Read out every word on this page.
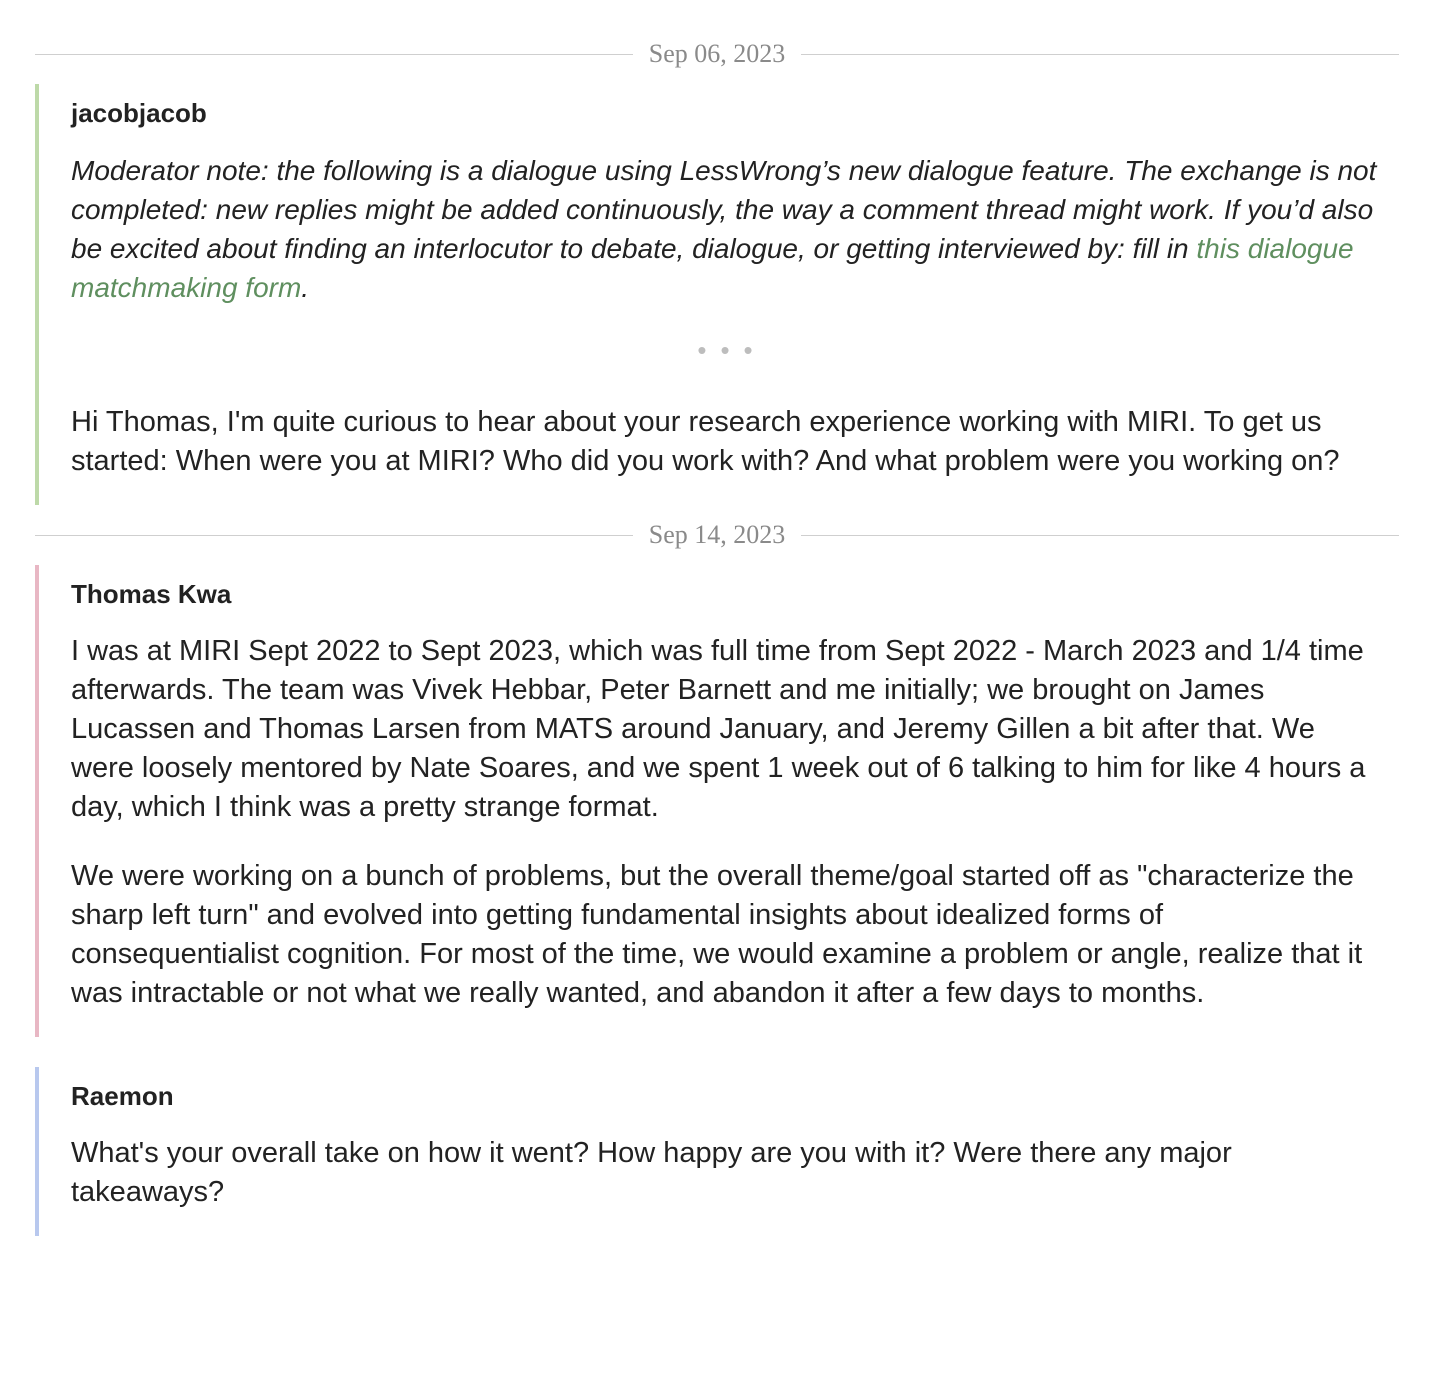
Sep 06, 2023
jacobjacob

Moderator note: the following is a dialogue using LessWrong’s new dialogue feature. The exchange is not completed: new replies might be added continuously, the way a comment thread might work. If you’d also be excited about finding an interlocutor to debate, dialogue, or getting interviewed by: fill in this dialogue matchmaking form.

•••

Hi Thomas, I'm quite curious to hear about your research experience working with MIRI. To get us started: When were you at MIRI? Who did you work with? And what problem were you working on?

Sep 14, 2023
Thomas Kwa

I was at MIRI Sept 2022 to Sept 2023, which was full time from Sept 2022 - March 2023 and 1/4 time afterwards. The team was Vivek Hebbar, Peter Barnett and me initially; we brought on James Lucassen and Thomas Larsen from MATS around January, and Jeremy Gillen a bit after that. We were loosely mentored by Nate Soares, and we spent 1 week out of 6 talking to him for like 4 hours a day, which I think was a pretty strange format.

We were working on a bunch of problems, but the overall theme/goal started off as "characterize the sharp left turn" and evolved into getting fundamental insights about idealized forms of consequentialist cognition. For most of the time, we would examine a problem or angle, realize that it was intractable or not what we really wanted, and abandon it after a few days to months.

Raemon

What's your overall take on how it went? How happy are you with it? Were there any major takeaways?
